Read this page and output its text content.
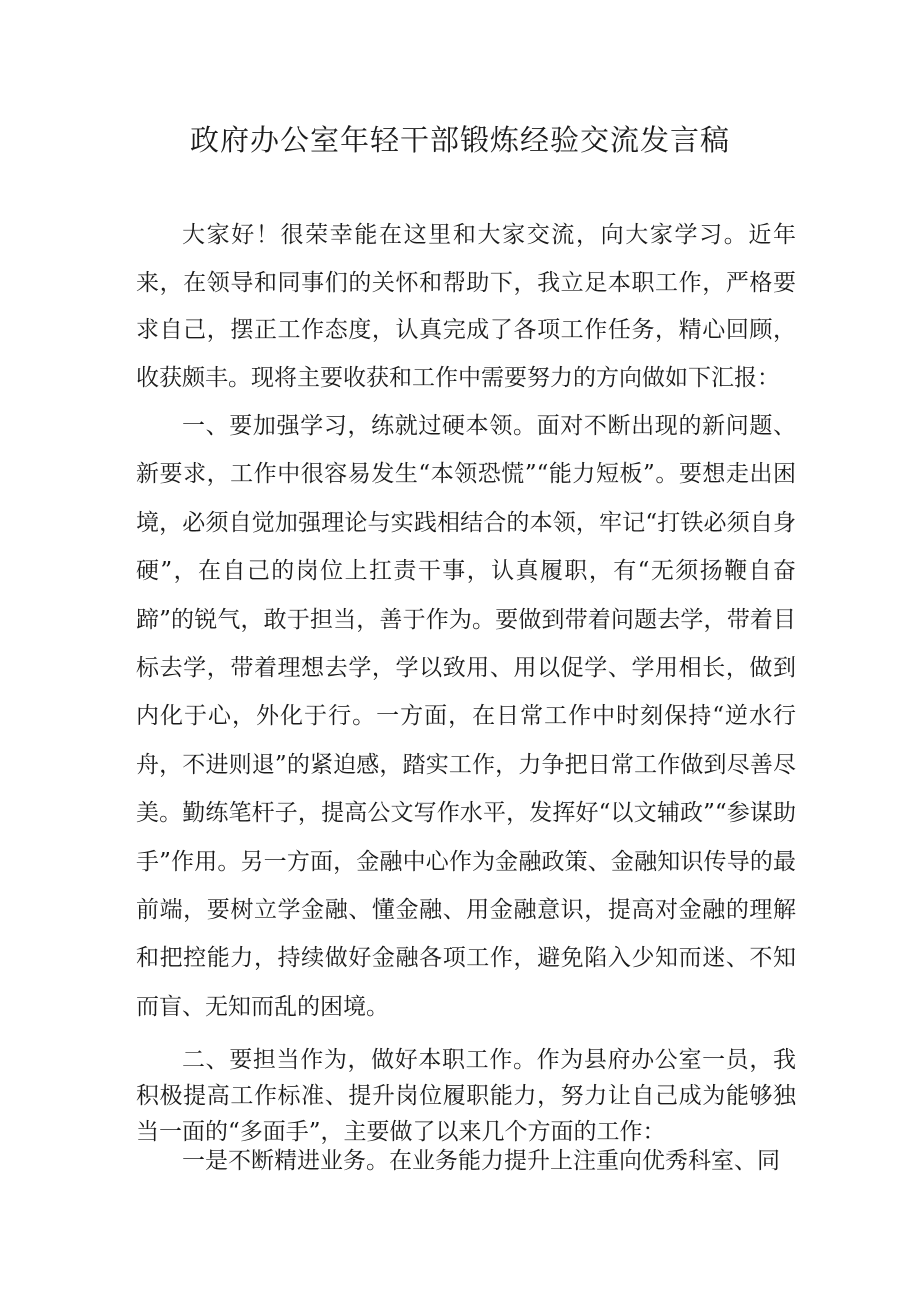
政府办公室年轻干部锻炼经验交流发言稿

大家好！很荣幸能在这里和大家交流，向大家学习。近年来，在领导和同事们的关怀和帮助下，我立足本职工作，严格要求自己，摆正工作态度，认真完成了各项工作任务，精心回顾，收获颇丰。现将主要收获和工作中需要努力的方向做如下汇报：

一、要加强学习，练就过硬本领。面对不断出现的新问题、新要求，工作中很容易发生“本领恐慌”“能力短板”。要想走出困境，必须自觉加强理论与实践相结合的本领，牢记“打铁必须自身硬”，在自己的岗位上扛责干事，认真履职，有“无须扬鞭自奋蹄”的锐气，敢于担当，善于作为。要做到带着问题去学，带着目标去学，带着理想去学，学以致用、用以促学、学用相长，做到内化于心，外化于行。一方面，在日常工作中时刻保持“逆水行舟，不进则退”的紧迫感，踏实工作，力争把日常工作做到尽善尽美。勤练笔杆子，提高公文写作水平，发挥好“以文辅政”“参谋助手”作用。另一方面，金融中心作为金融政策、金融知识传导的最前端，要树立学金融、懂金融、用金融意识，提高对金融的理解和把控能力，持续做好金融各项工作，避免陷入少知而迷、不知而盲、无知而乱的困境。

二、要担当作为，做好本职工作。作为县府办公室一员，我积极提高工作标准、提升岗位履职能力，努力让自己成为能够独当一面的“多面手”，主要做了以来几个方面的工作：

一是不断精进业务。在业务能力提升上注重向优秀科室、同
